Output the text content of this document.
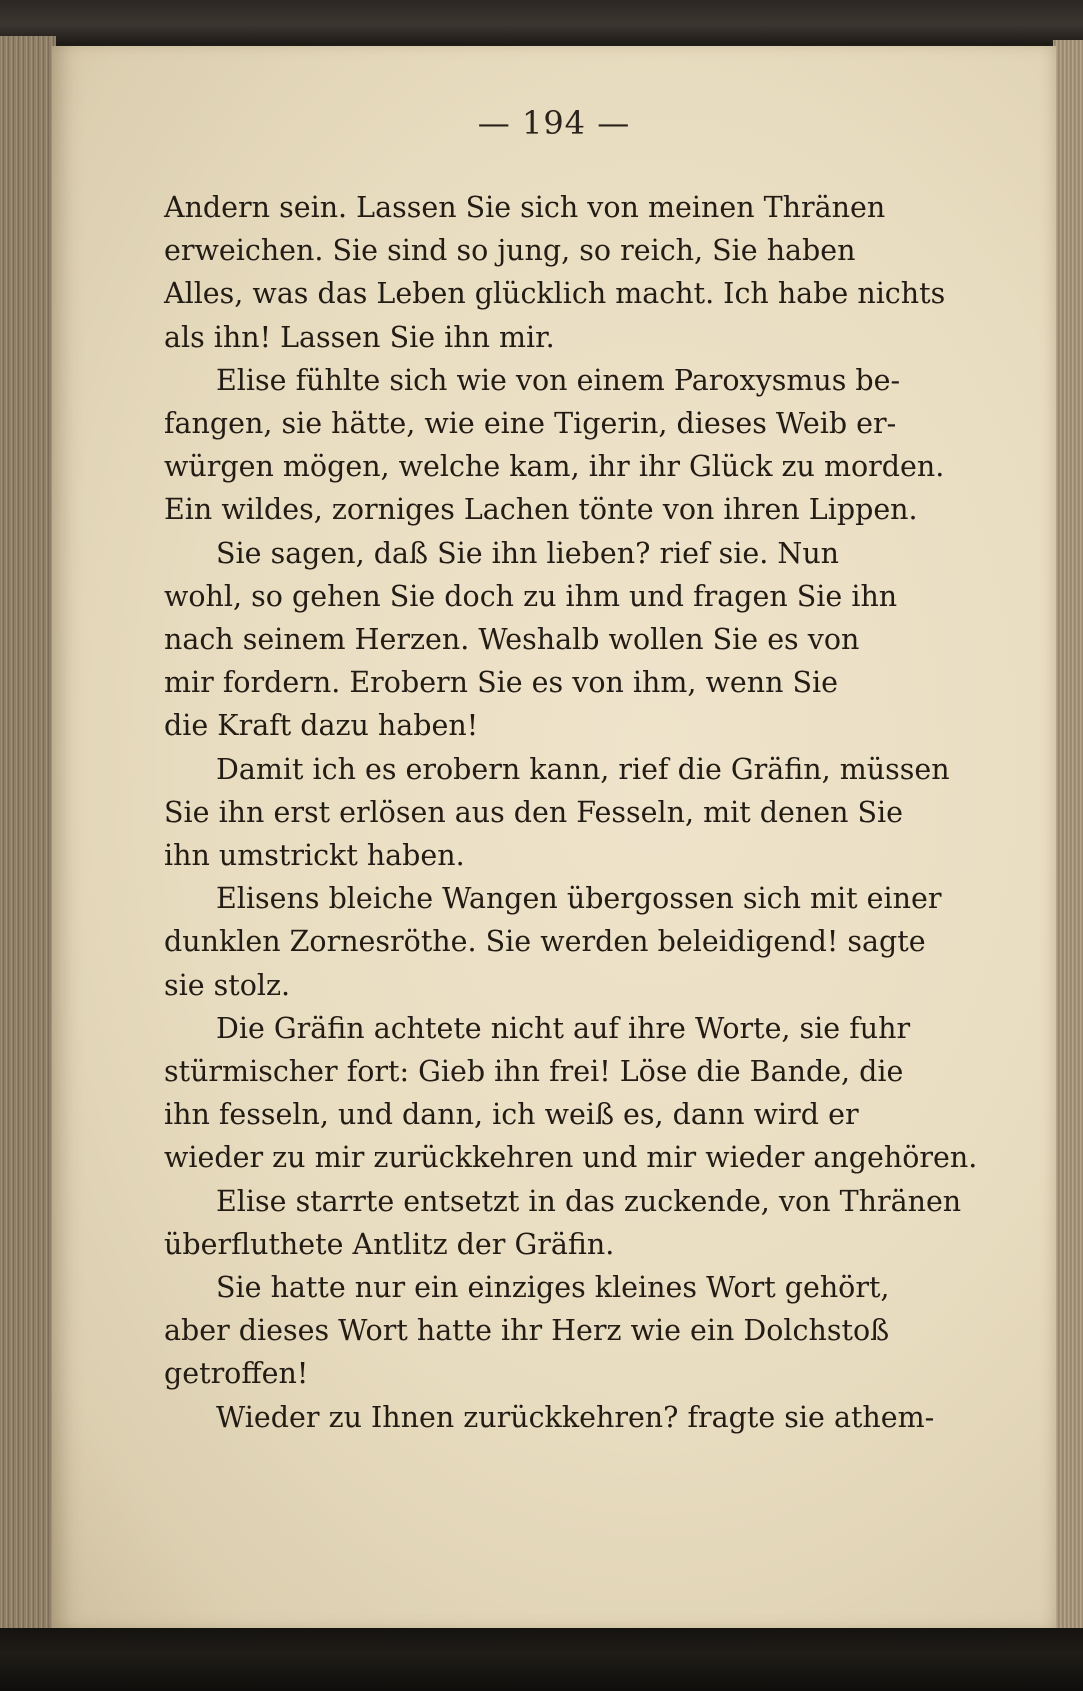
— 194 —

Andern sein. Lassen Sie sich von meinen Thränen
erweichen. Sie sind so jung, so reich, Sie haben
Alles, was das Leben glücklich macht. Ich habe nichts
als ihn! Lassen Sie ihn mir.

Elise fühlte sich wie von einem Paroxysmus be-
fangen, sie hätte, wie eine Tigerin, dieses Weib er-
würgen mögen, welche kam, ihr ihr Glück zu morden.
Ein wildes, zorniges Lachen tönte von ihren Lippen.

Sie sagen, daß Sie ihn lieben? rief sie. Nun
wohl, so gehen Sie doch zu ihm und fragen Sie ihn
nach seinem Herzen. Weshalb wollen Sie es von
mir fordern. Erobern Sie es von ihm, wenn Sie
die Kraft dazu haben!

Damit ich es erobern kann, rief die Gräfin, müssen
Sie ihn erst erlösen aus den Fesseln, mit denen Sie
ihn umstrickt haben.

Elisens bleiche Wangen übergossen sich mit einer
dunklen Zornesröthe. Sie werden beleidigend! sagte
sie stolz.

Die Gräfin achtete nicht auf ihre Worte, sie fuhr
stürmischer fort: Gieb ihn frei! Löse die Bande, die
ihn fesseln, und dann, ich weiß es, dann wird er
wieder zu mir zurückkehren und mir wieder angehören.

Elise starrte entsetzt in das zuckende, von Thränen
überfluthete Antlitz der Gräfin.

Sie hatte nur ein einziges kleines Wort gehört,
aber dieses Wort hatte ihr Herz wie ein Dolchstoß
getroffen!

Wieder zu Ihnen zurückkehren? fragte sie athem-
